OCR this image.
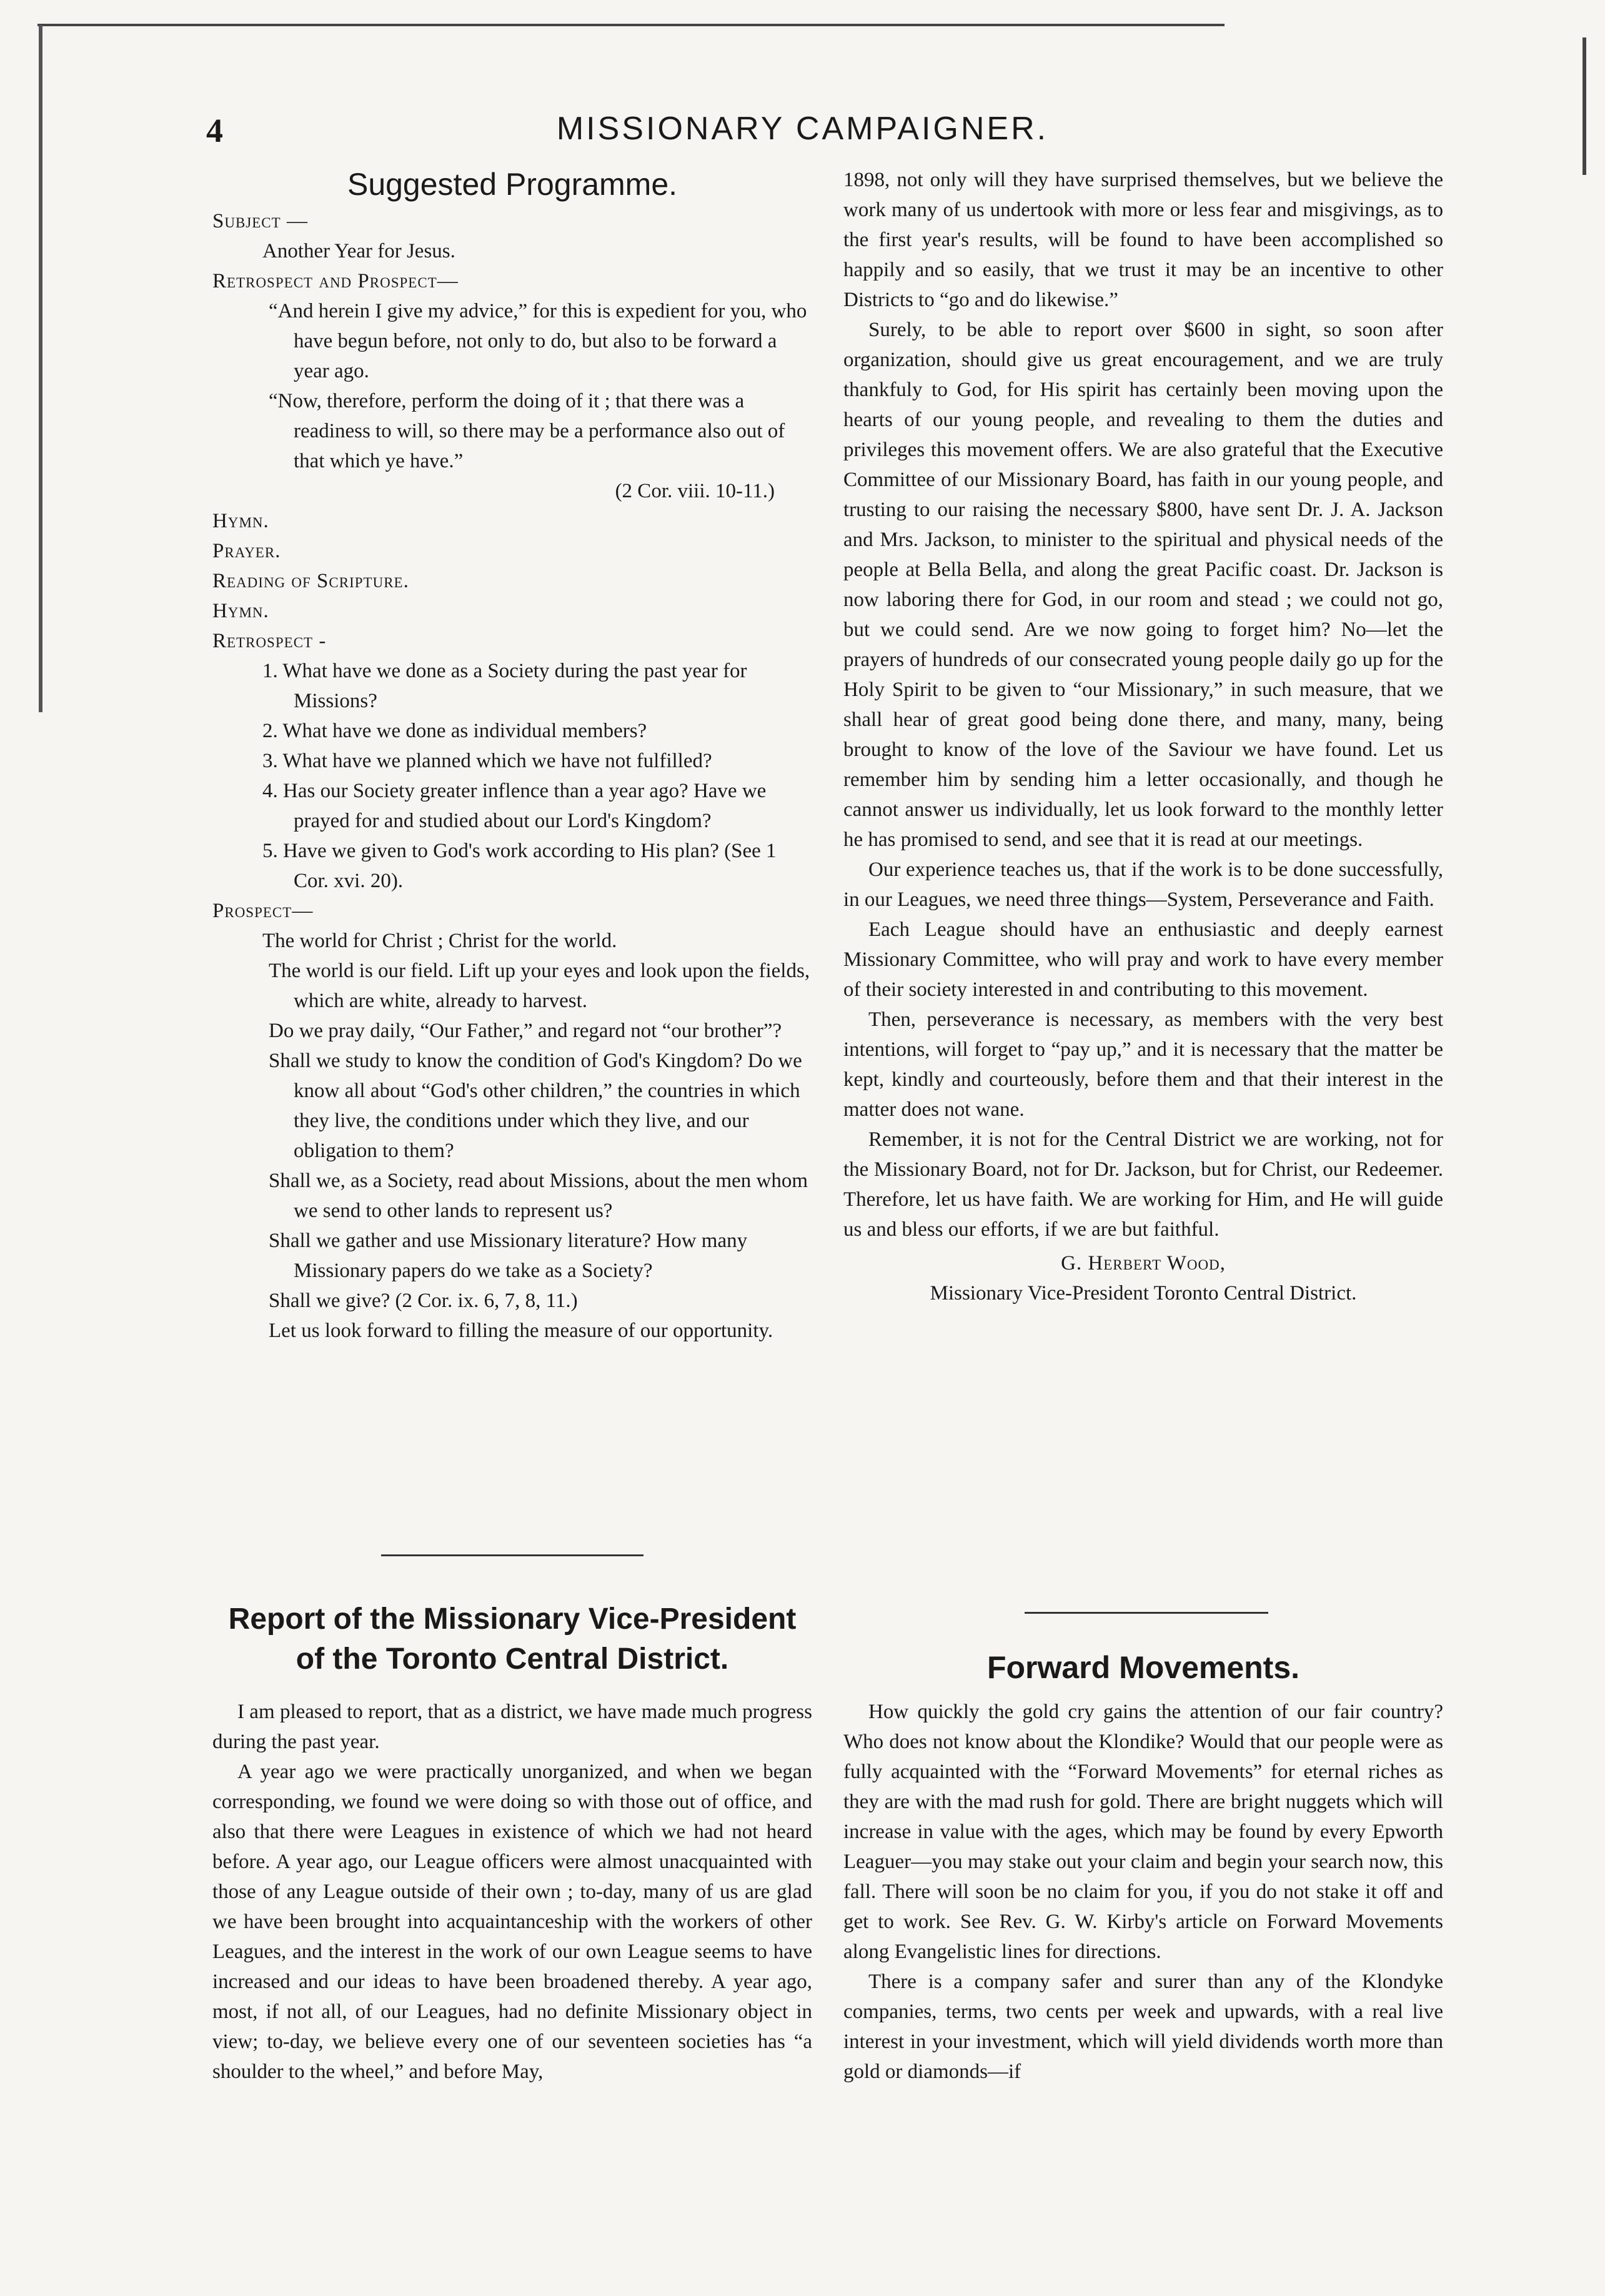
4	MISSIONARY CAMPAIGNER.
Suggested Programme.

Subject —

Another Year for Jesus.

Retrospect and Prospect—

“And herein I give my advice,” for this is expedient for you, who have begun before, not only to do, but also to be forward a year ago.

“Now, therefore, perform the doing of it ; that there was a readiness to will, so there may be a performance also out of that which ye have.”

(2 Cor. viii. 10-11.)

Hymn.

Prayer.

Reading of Scripture.

Hymn.

Retrospect -

1. What have we done as a Society during the past year for Missions?

2. What have we done as individual members?

3. What have we planned which we have not fulfilled?

4. Has our Society greater inflence than a year ago? Have we prayed for and studied about our Lord's Kingdom?

5. Have we given to God's work according to His plan? (See 1 Cor. xvi. 20).

Prospect—

The world for Christ ; Christ for the world.

The world is our field. Lift up your eyes and look upon the fields, which are white, already to harvest.

Do we pray daily, “Our Father,” and regard not “our brother”?

Shall we study to know the condition of God's Kingdom? Do we know all about “God's other children,” the countries in which they live, the conditions under which they live, and our obligation to them?

Shall we, as a Society, read about Missions, about the men whom we send to other lands to represent us?

Shall we gather and use Missionary literature? How many Missionary papers do we take as a Society?

Shall we give? (2 Cor. ix. 6, 7, 8, 11.)

Let us look forward to filling the measure of our opportunity.

Report of the Missionary Vice-President of the Toronto Central District.

I am pleased to report, that as a district, we have made much progress during the past year.

A year ago we were practically unorganized, and when we began corresponding, we found we were doing so with those out of office, and also that there were Leagues in existence of which we had not heard before. A year ago, our League officers were almost unacquainted with those of any League outside of their own ; to-day, many of us are glad we have been brought into acquaintanceship with the workers of other Leagues, and the interest in the work of our own League seems to have increased and our ideas to have been broadened thereby. A year ago, most, if not all, of our Leagues, had no definite Missionary object in view; to-day, we believe every one of our seventeen societies has “a shoulder to the wheel,” and before May,

1898, not only will they have surprised themselves, but we believe the work many of us undertook with more or less fear and misgivings, as to the first year's results, will be found to have been accomplished so happily and so easily, that we trust it may be an incentive to other Districts to “go and do likewise.”

Surely, to be able to report over $600 in sight, so soon after organization, should give us great encouragement, and we are truly thankfuly to God, for His spirit has certainly been moving upon the hearts of our young people, and revealing to them the duties and privileges this movement offers. We are also grateful that the Executive Committee of our Missionary Board, has faith in our young people, and trusting to our raising the necessary $800, have sent Dr. J. A. Jackson and Mrs. Jackson, to minister to the spiritual and physical needs of the people at Bella Bella, and along the great Pacific coast. Dr. Jackson is now laboring there for God, in our room and stead ; we could not go, but we could send. Are we now going to forget him? No—let the prayers of hundreds of our consecrated young people daily go up for the Holy Spirit to be given to “our Missionary,” in such measure, that we shall hear of great good being done there, and many, many, being brought to know of the love of the Saviour we have found. Let us remember him by sending him a letter occasionally, and though he cannot answer us individually, let us look forward to the monthly letter he has promised to send, and see that it is read at our meetings.

Our experience teaches us, that if the work is to be done successfully, in our Leagues, we need three things—System, Perseverance and Faith.

Each League should have an enthusiastic and deeply earnest Missionary Committee, who will pray and work to have every member of their society interested in and contributing to this movement.

Then, perseverance is necessary, as members with the very best intentions, will forget to “pay up,” and it is necessary that the matter be kept, kindly and courteously, before them and that their interest in the matter does not wane.

Remember, it is not for the Central District we are working, not for the Missionary Board, not for Dr. Jackson, but for Christ, our Redeemer. Therefore, let us have faith. We are working for Him, and He will guide us and bless our efforts, if we are but faithful.

G. Herbert Wood,

Missionary Vice-President Toronto Central District.

Forward Movements.

How quickly the gold cry gains the attention of our fair country? Who does not know about the Klondike? Would that our people were as fully acquainted with the “Forward Movements” for eternal riches as they are with the mad rush for gold. There are bright nuggets which will increase in value with the ages, which may be found by every Epworth Leaguer—you may stake out your claim and begin your search now, this fall. There will soon be no claim for you, if you do not stake it off and get to work. See Rev. G. W. Kirby's article on Forward Movements along Evangelistic lines for directions.

There is a company safer and surer than any of the Klondyke companies, terms, two cents per week and upwards, with a real live interest in your investment, which will yield dividends worth more than gold or diamonds—if
